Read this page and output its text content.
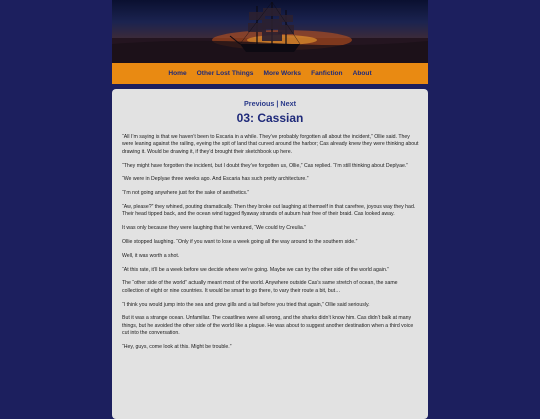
Home Other Lost Things More Works Fanfiction About
Previous | Next
03: Cassian

“All I’m saying is that we haven’t been to Escaria in a while. They’ve probably forgotten all about the incident,” Ollie said. They were leaning against the railing, eyeing the spit of land that curved around the harbor; Cas already knew they were thinking about drawing it. Would be drawing it, if they’d brought their sketchbook up here.

“They might have forgotten the incident, but I doubt they’ve forgotten us, Ollie,” Cas replied. “I’m still thinking about Deplyae.”

“We were in Deplyae three weeks ago. And Escaria has such pretty architecture.”

“I’m not going anywhere just for the sake of aesthetics.”

“Aw, please?” they whined, pouting dramatically. Then they broke out laughing at themself in that carefree, joyous way they had. Their head tipped back, and the ocean wind tugged flyaway strands of auburn hair free of their braid. Cas looked away.

It was only because they were laughing that he ventured, “We could try Creulia.”

Ollie stopped laughing. “Only if you want to lose a week going all the way around to the southern side.”

Well, it was worth a shot.

“At this rate, it’ll be a week before we decide where we’re going. Maybe we can try the other side of the world again.”

The “other side of the world” actually meant most of the world. Anywhere outside Cas’s same stretch of ocean, the same collection of eight or nine countries. It would be smart to go there, to vary their route a bit, but…

“I think you would jump into the sea and grow gills and a tail before you tried that again,” Ollie said seriously.

But it was a strange ocean. Unfamiliar. The coastlines were all wrong, and the sharks didn’t know him. Cas didn’t balk at many things, but he avoided the other side of the world like a plague. He was about to suggest another destination when a third voice cut into the conversation.

“Hey, guys, come look at this. Might be trouble.”
